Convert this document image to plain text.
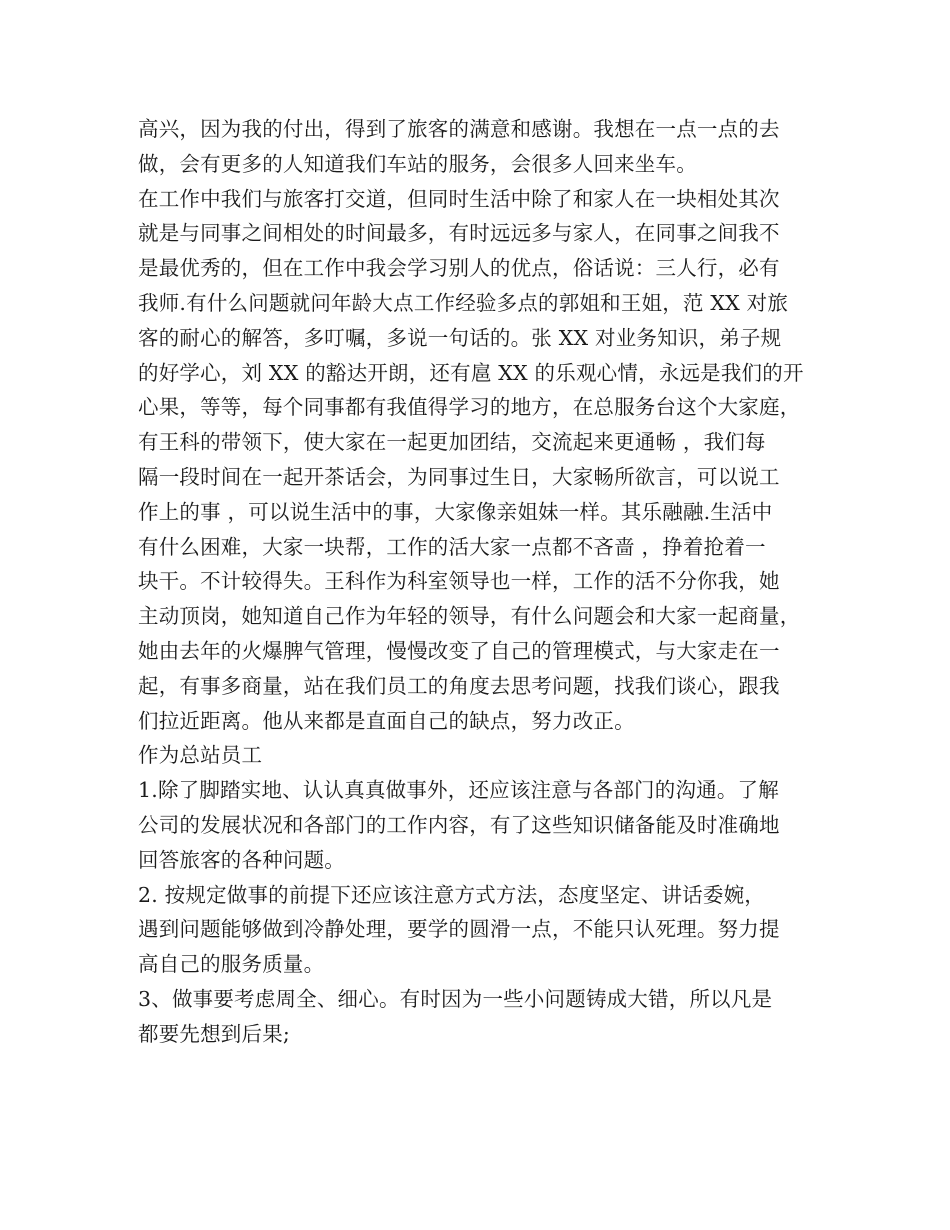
高兴，因为我的付出，得到了旅客的满意和感谢。我想在一点一点的去
做，会有更多的人知道我们车站的服务，会很多人回来坐车。
在工作中我们与旅客打交道，但同时生活中除了和家人在一块相处其次
就是与同事之间相处的时间最多，有时远远多与家人，在同事之间我不
是最优秀的，但在工作中我会学习别人的优点，俗话说：三人行，必有
我师.有什么问题就问年龄大点工作经验多点的郭姐和王姐，范 XX 对旅
客的耐心的解答，多叮嘱，多说一句话的。张 XX 对业务知识，弟子规
的好学心，刘 XX 的豁达开朗，还有扈 XX 的乐观心情，永远是我们的开
心果，等等，每个同事都有我值得学习的地方，在总服务台这个大家庭，
有王科的带领下，使大家在一起更加团结，交流起来更通畅 ，我们每
隔一段时间在一起开茶话会，为同事过生日，大家畅所欲言，可以说工
作上的事 ，可以说生活中的事，大家像亲姐妹一样。其乐融融.生活中
有什么困难，大家一块帮，工作的活大家一点都不吝啬 ，挣着抢着一
块干。不计较得失。王科作为科室领导也一样，工作的活不分你我，她
主动顶岗，她知道自己作为年轻的领导，有什么问题会和大家一起商量，
她由去年的火爆脾气管理，慢慢改变了自己的管理模式，与大家走在一
起，有事多商量，站在我们员工的角度去思考问题，找我们谈心，跟我
们拉近距离。他从来都是直面自己的缺点，努力改正。
作为总站员工
1.除了脚踏实地、认认真真做事外，还应该注意与各部门的沟通。了解
公司的发展状况和各部门的工作内容，有了这些知识储备能及时准确地
回答旅客的各种问题。
2. 按规定做事的前提下还应该注意方式方法，态度坚定、讲话委婉，
遇到问题能够做到冷静处理，要学的圆滑一点，不能只认死理。努力提
高自己的服务质量。
3、做事要考虑周全、细心。有时因为一些小问题铸成大错，所以凡是
都要先想到后果;
